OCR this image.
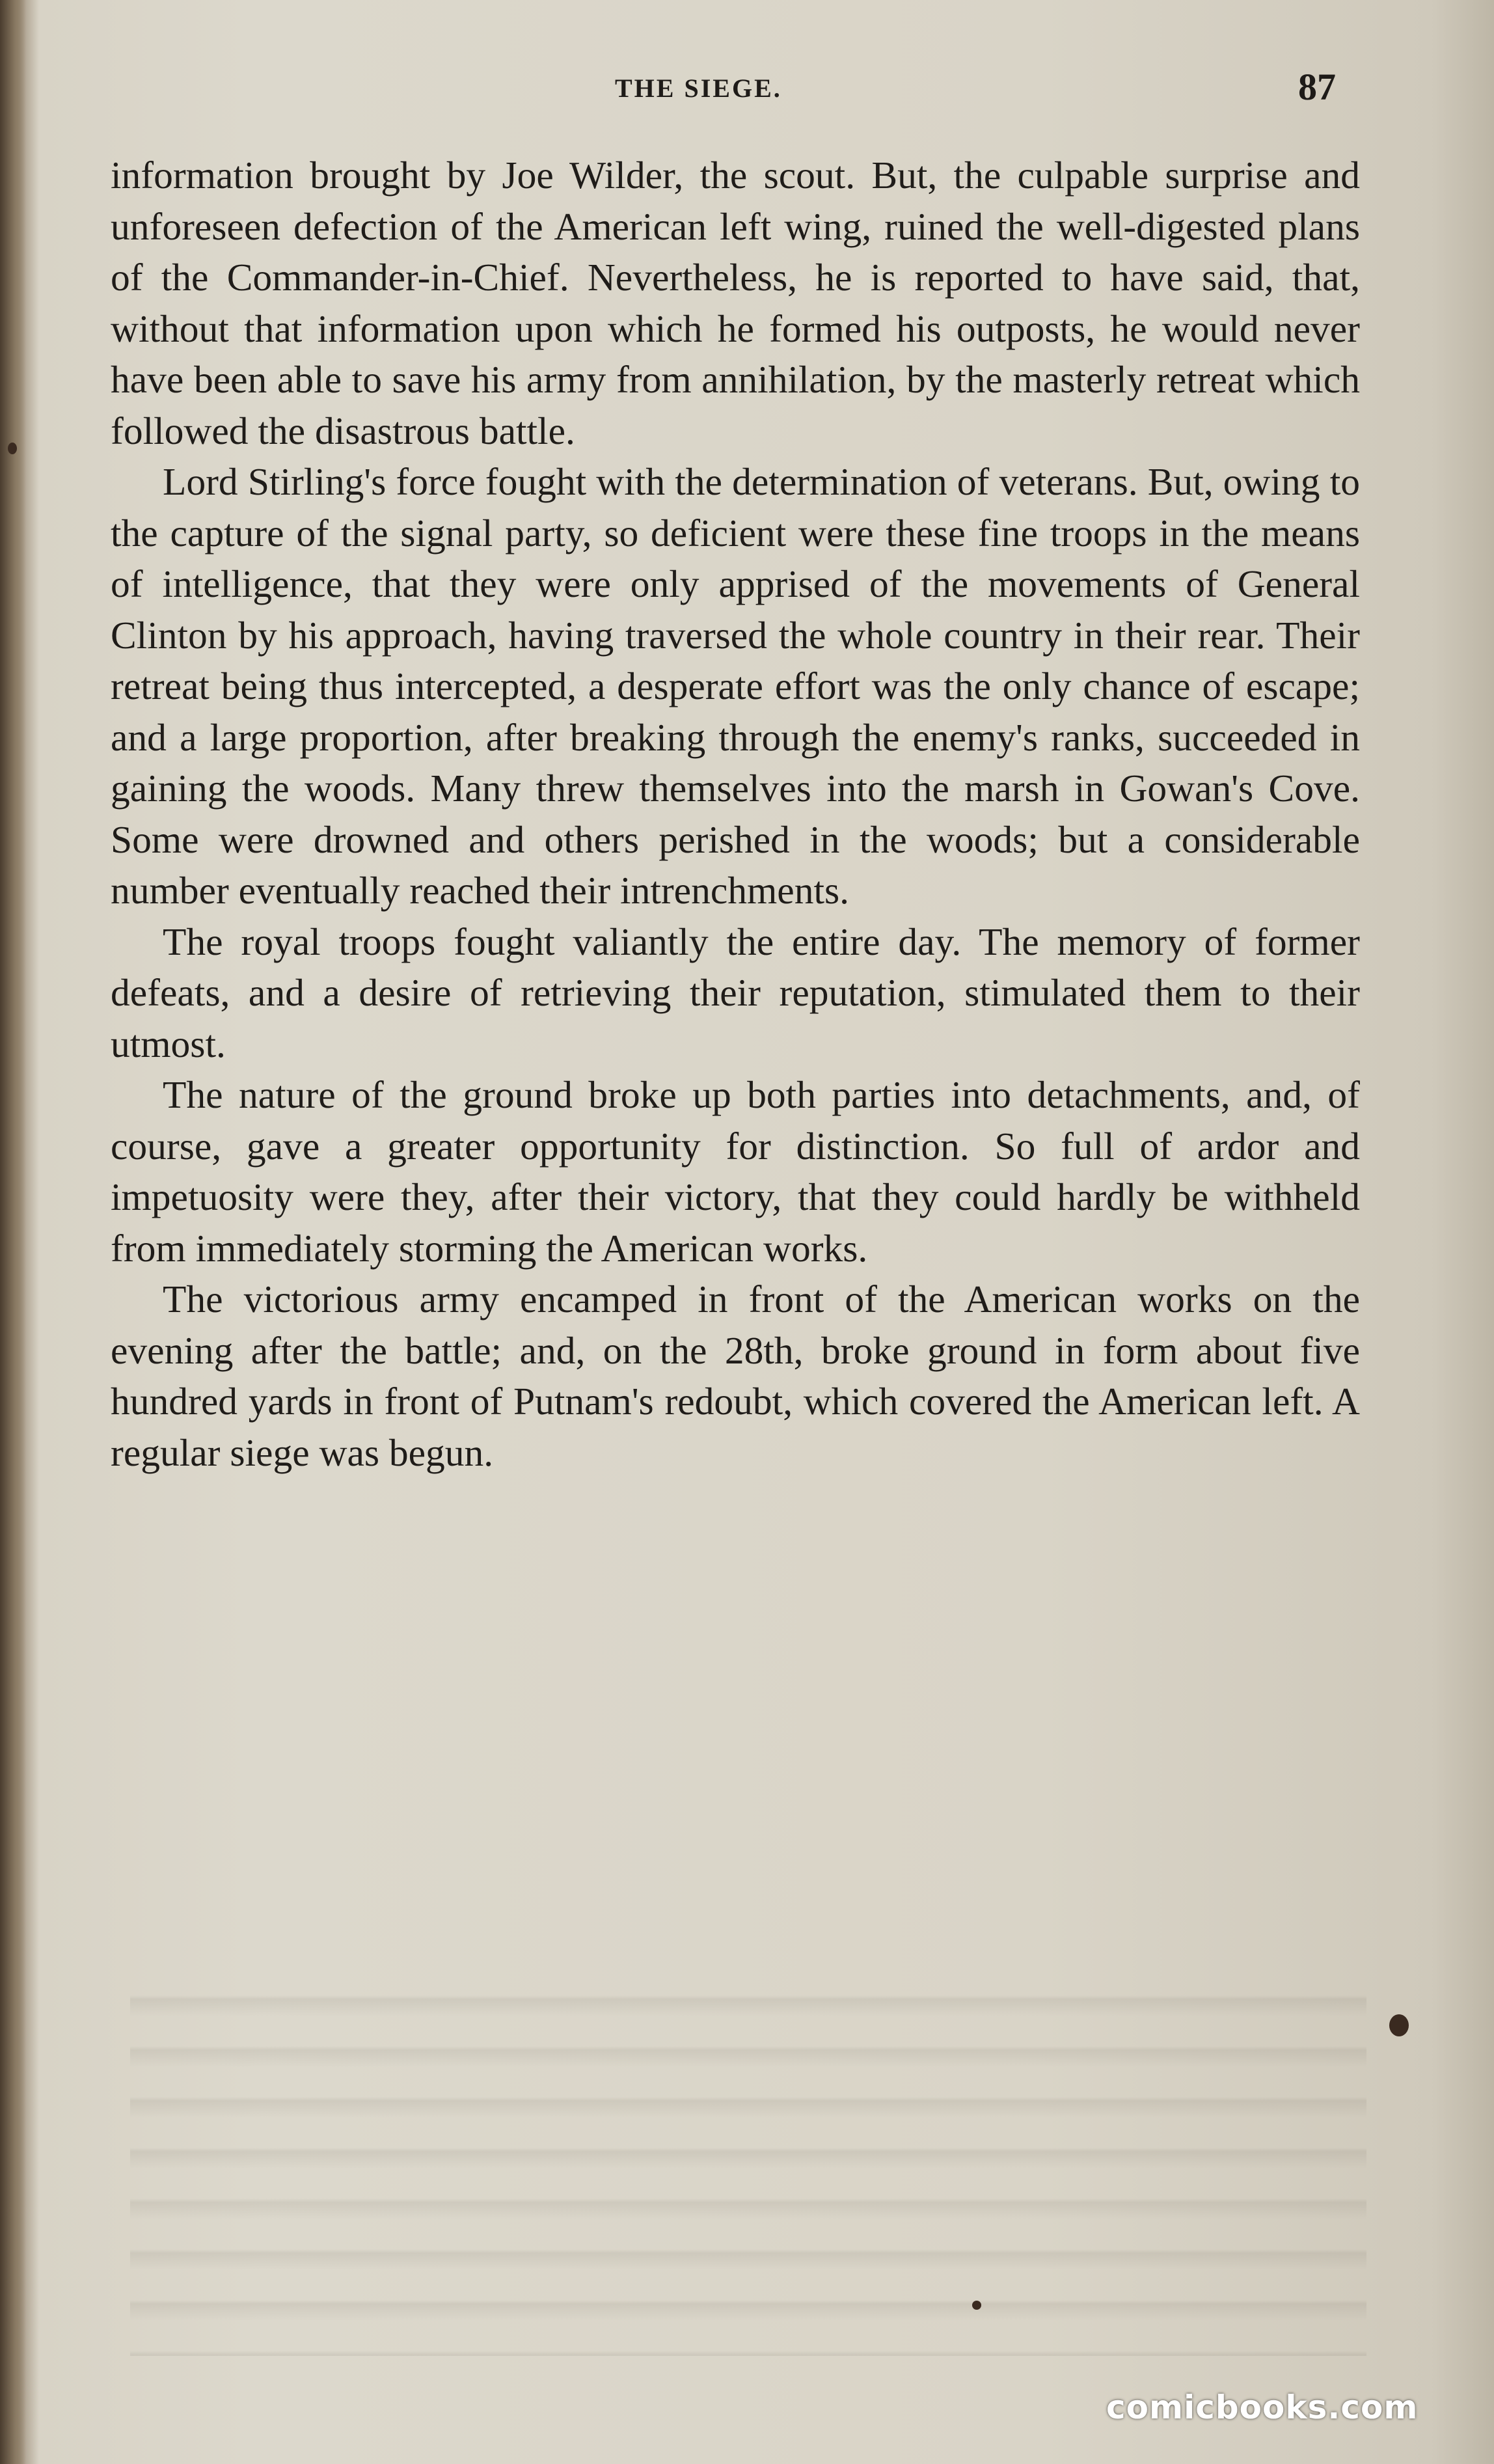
THE SIEGE.	87

information brought by Joe Wilder, the scout. But, the culpable surprise and unforeseen defection of the American left wing, ruined the well-digested plans of the Commander-in-Chief. Nevertheless, he is reported to have said, that, without that information upon which he formed his outposts, he would never have been able to save his army from annihilation, by the masterly retreat which followed the disastrous battle.

Lord Stirling's force fought with the determination of veterans. But, owing to the capture of the signal party, so deficient were these fine troops in the means of intelligence, that they were only apprised of the movements of General Clinton by his approach, having traversed the whole country in their rear. Their retreat being thus intercepted, a desperate effort was the only chance of escape; and a large proportion, after breaking through the enemy's ranks, succeeded in gaining the woods. Many threw themselves into the marsh in Gowan's Cove. Some were drowned and others perished in the woods; but a considerable number eventually reached their intrenchments.

The royal troops fought valiantly the entire day. The memory of former defeats, and a desire of retrieving their reputation, stimulated them to their utmost.

The nature of the ground broke up both parties into detachments, and, of course, gave a greater opportunity for distinction. So full of ardor and impetuosity were they, after their victory, that they could hardly be withheld from immediately storming the American works.

The victorious army encamped in front of the American works on the evening after the battle; and, on the 28th, broke ground in form about five hundred yards in front of Putnam's redoubt, which covered the American left. A regular siege was begun.

comicbooks.com
